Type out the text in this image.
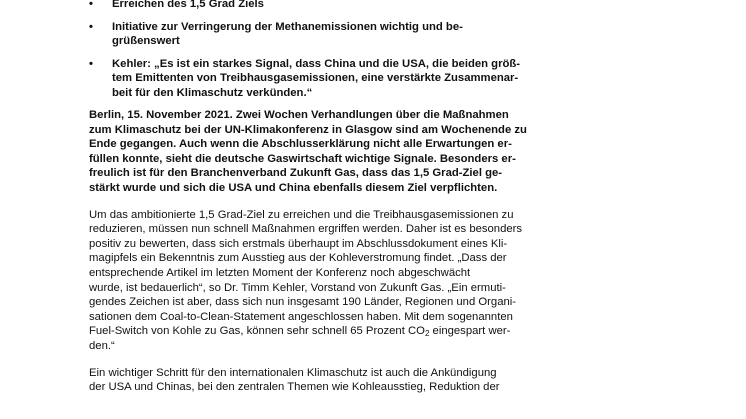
•	Erreichen des 1,5 Grad Ziels
•	Initiative zur Verringerung der Methanemissionen wichtig und be-
grüßenswert
•	Kehler: „Es ist ein starkes Signal, dass China und die USA, die beiden größ-
tem Emittenten von Treibhausgasemissionen, eine verstärkte Zusammenar-
beit für den Klimaschutz verkünden.“
Berlin, 15. November 2021. Zwei Wochen Verhandlungen über die Maßnahmen
zum Klimaschutz bei der UN-Klimakonferenz in Glasgow sind am Wochenende zu
Ende gegangen. Auch wenn die Abschlusserklärung nicht alle Erwartungen er-
füllen konnte, sieht die deutsche Gaswirtschaft wichtige Signale. Besonders er-
freulich ist für den Branchenverband Zukunft Gas, dass das 1,5 Grad-Ziel ge-
stärkt wurde und sich die USA und China ebenfalls diesem Ziel verpflichten.
Um das ambitionierte 1,5 Grad-Ziel zu erreichen und die Treibhausgasemissionen zu
reduzieren, müssen nun schnell Maßnahmen ergriffen werden. Daher ist es besonders
positiv zu bewerten, dass sich erstmals überhaupt im Abschlussdokument eines Kli-
magipfels ein Bekenntnis zum Ausstieg aus der Kohleverstromung findet. „Dass der
entsprechende Artikel im letzten Moment der Konferenz noch abgeschwächt
wurde, ist bedauerlich“, so Dr. Timm Kehler, Vorstand von Zukunft Gas. „Ein ermuti-
gendes Zeichen ist aber, dass sich nun insgesamt 190 Länder, Regionen und Organi-
sationen dem Coal-to-Clean-Statement angeschlossen haben. Mit dem sogenannten
Fuel-Switch von Kohle zu Gas, können sehr schnell 65 Prozent $CO_2$ eingespart wer-
den.“
Ein wichtiger Schritt für den internationalen Klimaschutz ist auch die Ankündigung
der USA und Chinas, bei den zentralen Themen wie Kohleausstieg, Reduktion der
